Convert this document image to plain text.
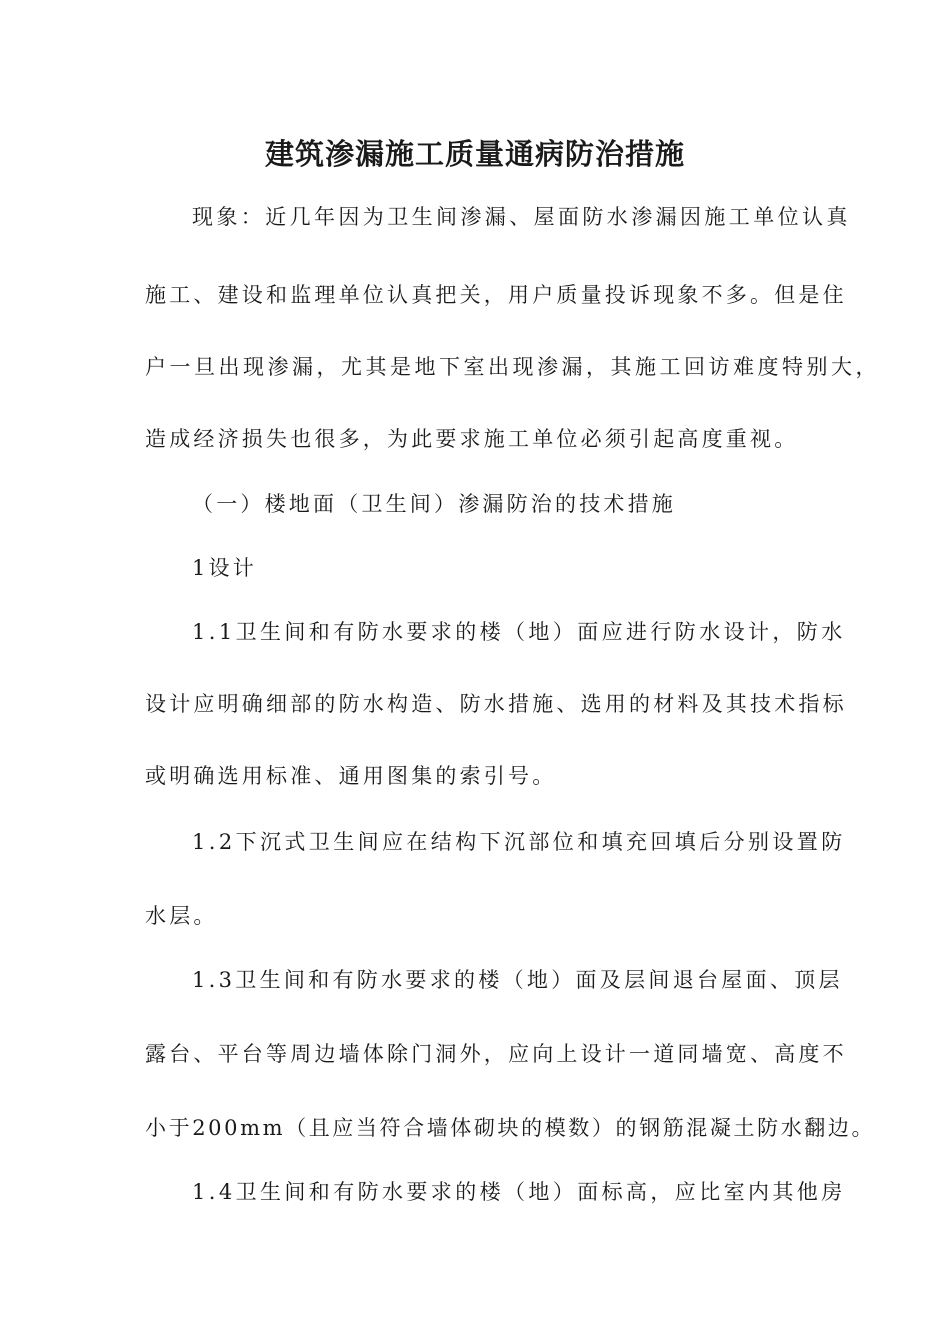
建筑渗漏施工质量通病防治措施
现象：近几年因为卫生间渗漏、屋面防水渗漏因施工单位认真
施工、建设和监理单位认真把关，用户质量投诉现象不多。但是住
户一旦出现渗漏，尤其是地下室出现渗漏，其施工回访难度特别大，
造成经济损失也很多，为此要求施工单位必须引起高度重视。
（一）楼地面（卫生间）渗漏防治的技术措施
1设计
1.1卫生间和有防水要求的楼（地）面应进行防水设计，防水
设计应明确细部的防水构造、防水措施、选用的材料及其技术指标
或明确选用标准、通用图集的索引号。
1.2下沉式卫生间应在结构下沉部位和填充回填后分别设置防
水层。
1.3卫生间和有防水要求的楼（地）面及层间退台屋面、顶层
露台、平台等周边墙体除门洞外，应向上设计一道同墙宽、高度不
小于200mm（且应当符合墙体砌块的模数）的钢筋混凝土防水翻边。
1.4卫生间和有防水要求的楼（地）面标高，应比室内其他房
